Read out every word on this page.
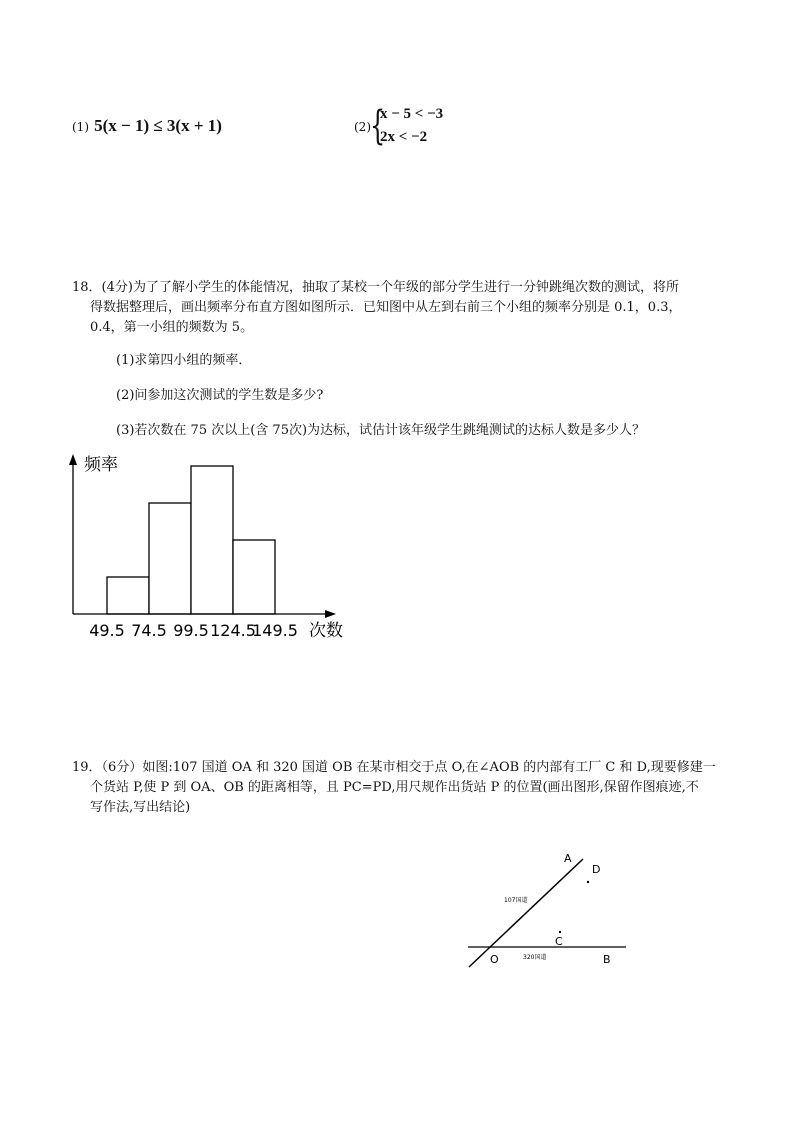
(1) 5(x − 1) ≤ 3(x + 1)	(2) {
x − 5 < −3
2x < −2
18．(4分)为了了解小学生的体能情况，抽取了某校一个年级的部分学生进行一分钟跳绳次数的测试，将所
得数据整理后，画出频率分布直方图如图所示．已知图中从左到右前三个小组的频率分别是 0.1，0.3，
0.4，第一小组的频数为 5。
(1)求第四小组的频率．
(2)问参加这次测试的学生数是多少?
(3)若次数在 75 次以上(含 75次)为达标，试估计该年级学生跳绳测试的达标人数是多少人？
频率
49.5 74.5 99.5 124.5
149.5 次数
19．（6分）如图:107 国道 OA 和 320 国道 OB 在某市相交于点 O,在∠AOB 的内部有工厂 C 和 D,现要修建一
个货站 P,使 P 到 OA、OB 的距离相等，且 PC=PD,用尺规作出货站 P 的位置(画出图形,保留作图痕迹,不
写作法,写出结论)
A
D
107国道
C
O	320国道	B
